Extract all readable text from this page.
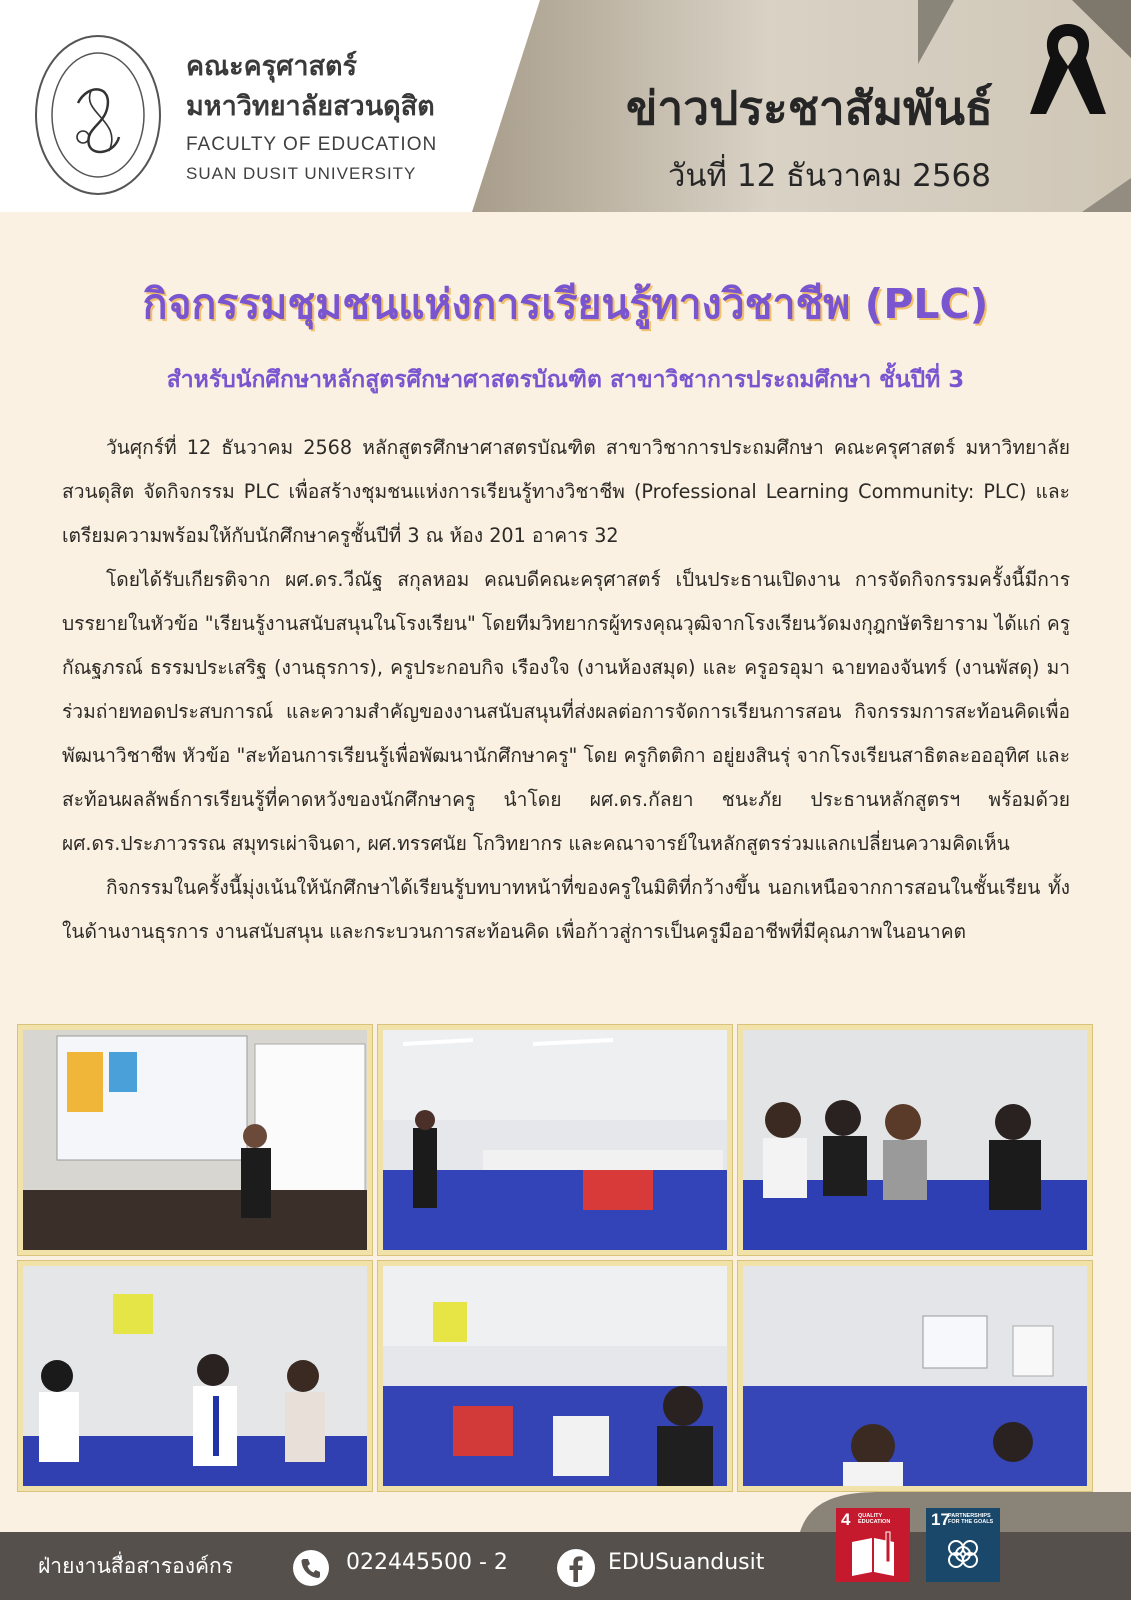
คณะครุศาสตร์
มหาวิทยาลัยสวนดุสิต
FACULTY OF EDUCATION
SUAN DUSIT UNIVERSITY
ข่าวประชาสัมพันธ์
วันที่ 12 ธันวาคม 2568
กิจกรรมชุมชนแห่งการเรียนรู้ทางวิชาชีพ (PLC)
สำหรับนักศึกษาหลักสูตรศึกษาศาสตรบัณฑิต สาขาวิชาการประถมศึกษา ชั้นปีที่ 3

วันศุกร์ที่ 12 ธันวาคม 2568 หลักสูตรศึกษาศาสตรบัณฑิต สาขาวิชาการประถมศึกษา คณะครุศาสตร์ มหาวิทยาลัยสวนดุสิต จัดกิจกรรม PLC เพื่อสร้างชุมชนแห่งการเรียนรู้ทางวิชาชีพ (Professional Learning Community: PLC) และเตรียมความพร้อมให้กับนักศึกษาครูชั้นปีที่ 3 ณ ห้อง 201 อาคาร 32

โดยได้รับเกียรติจาก ผศ.ดร.วีณัฐ สกุลหอม คณบดีคณะครุศาสตร์ เป็นประธานเปิดงาน การจัดกิจกรรมครั้งนี้มีการบรรยายในหัวข้อ "เรียนรู้งานสนับสนุนในโรงเรียน" โดยทีมวิทยากรผู้ทรงคุณวุฒิจากโรงเรียนวัดมงกุฎกษัตริยาราม ได้แก่ ครูกัณฐภรณ์ ธรรมประเสริฐ (งานธุรการ), ครูประกอบกิจ เรืองใจ (งานห้องสมุด) และ ครูอรอุมา ฉายทองจันทร์ (งานพัสดุ) มาร่วมถ่ายทอดประสบการณ์ และความสำคัญของงานสนับสนุนที่ส่งผลต่อการจัดการเรียนการสอน กิจกรรมการสะท้อนคิดเพื่อพัฒนาวิชาชีพ หัวข้อ "สะท้อนการเรียนรู้เพื่อพัฒนานักศึกษาครู" โดย ครูกิตติกา อยู่ยงสินรุ่ จากโรงเรียนสาธิตละอออุทิศ และสะท้อนผลลัพธ์การเรียนรู้ที่คาดหวังของนักศึกษาครู นำโดย ผศ.ดร.กัลยา ชนะภัย ประธานหลักสูตรฯ พร้อมด้วย ผศ.ดร.ประภาวรรณ สมุทรเผ่าจินดา, ผศ.ทรรศนัย โกวิทยากร และคณาจารย์ในหลักสูตรร่วมแลกเปลี่ยนความคิดเห็น

กิจกรรมในครั้งนี้มุ่งเน้นให้นักศึกษาได้เรียนรู้บทบาทหน้าที่ของครูในมิติที่กว้างขึ้น นอกเหนือจากการสอนในชั้นเรียน ทั้งในด้านงานธุรการ งานสนับสนุน และกระบวนการสะท้อนคิด เพื่อก้าวสู่การเป็นครูมืออาชีพที่มีคุณภาพในอนาคต

ฝ่ายงานสื่อสารองค์กร	022445500 - 2	EDUSuandusit
4 QUALITY EDUCATION	17
PARTNERSHIPS FOR THE GOALS
